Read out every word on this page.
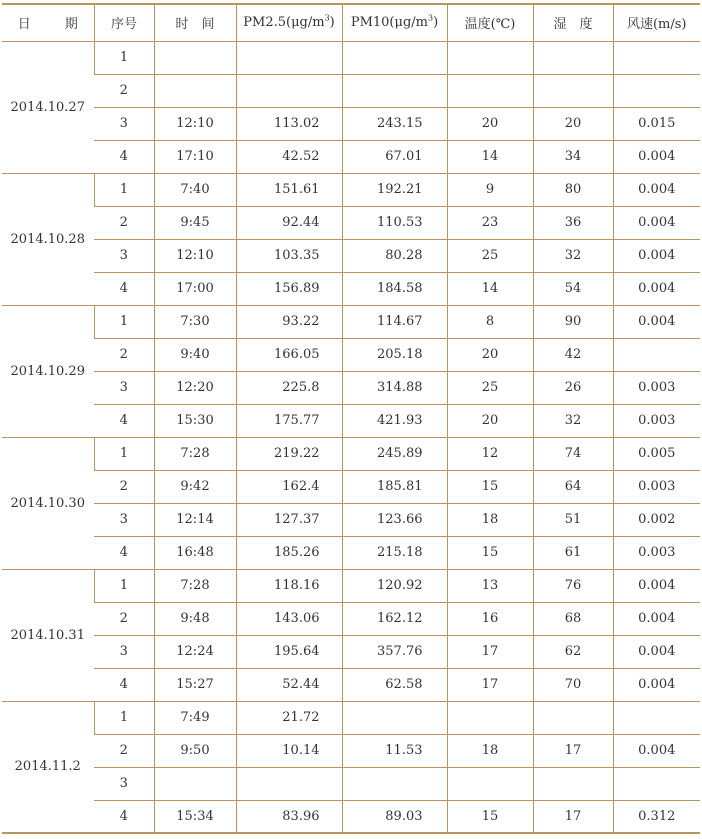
日 期	序号	时　间	$PM2.5(\mu g/m^3)$	$PM10(\mu g/m^3)$	温度(℃)	湿　度	风速(m/s)
2014.10.27	1						
	2						
	3	12:10	113.02	243.15	20	20	0.015
	4	17:10	42.52	67.01	14	34	0.004
2014.10.28	1	7:40	151.61	192.21	9	80	0.004
	2	9:45	92.44	110.53	23	36	0.004
	3	12:10	103.35	80.28	25	32	0.004
	4	17:00	156.89	184.58	14	54	0.004
2014.10.29	1	7:30	93.22	114.67	8	90	0.004
	2	9:40	166.05	205.18	20	42	
	3	12:20	225.8	314.88	25	26	0.003
	4	15:30	175.77	421.93	20	32	0.003
2014.10.30	1	7:28	219.22	245.89	12	74	0.005
	2	9:42	162.4	185.81	15	64	0.003
	3	12:14	127.37	123.66	18	51	0.002
	4	16:48	185.26	215.18	15	61	0.003
2014.10.31	1	7:28	118.16	120.92	13	76	0.004
	2	9:48	143.06	162.12	16	68	0.004
	3	12:24	195.64	357.76	17	62	0.004
	4	15:27	52.44	62.58	17	70	0.004
2014.11.2	1	7:49	21.72				
	2	9:50	10.14	11.53	18	17	0.004
	3						
	4	15:34	83.96	89.03	15	17	0.312
